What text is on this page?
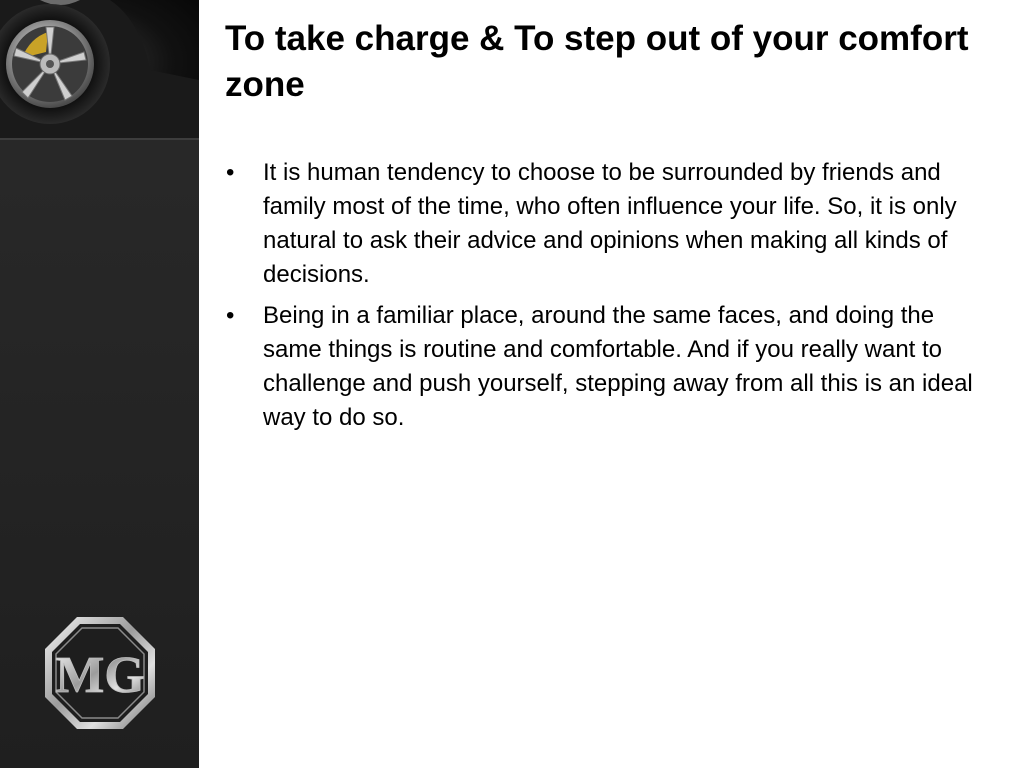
MG
To take charge & To step out of your comfort zone
•	It is human tendency to choose to be surrounded by friends and family most of the time, who often influence your life. So, it is only natural to ask their advice and opinions when making all kinds of decisions.
•	Being in a familiar place, around the same faces, and doing the same things is routine and comfortable. And if you really want to challenge and push yourself, stepping away from all this is an ideal way to do so.
